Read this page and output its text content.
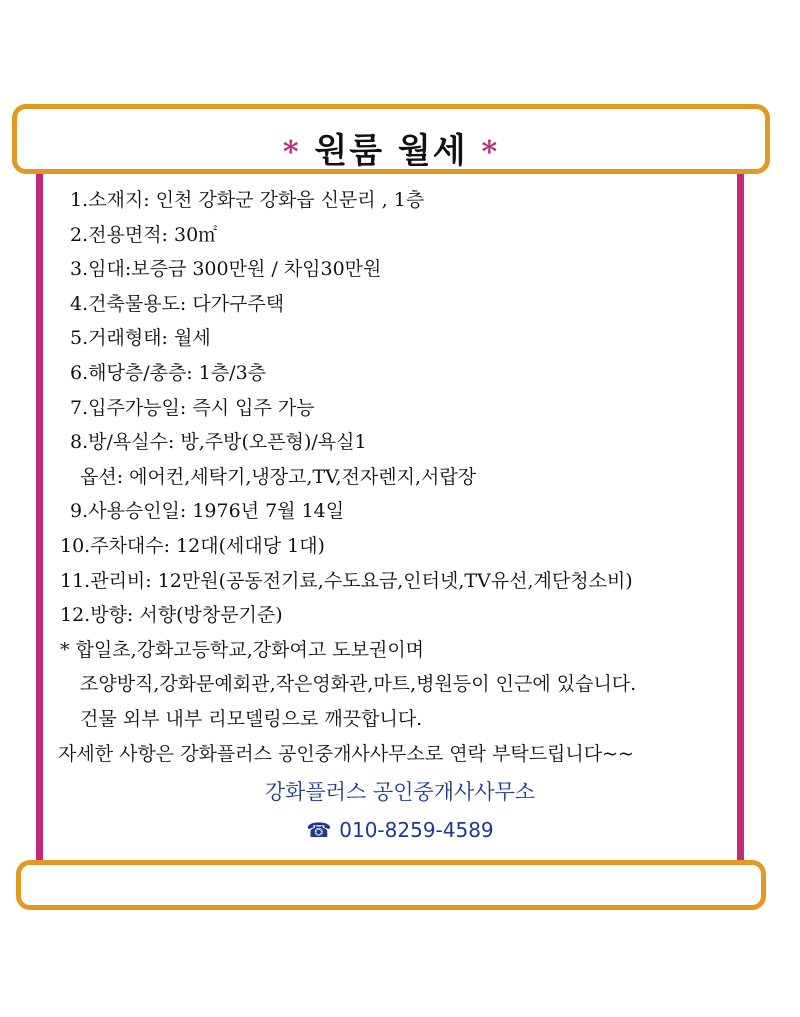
* 원룸 월세 *
1.소재지: 인천 강화군 강화읍 신문리 , 1층
2.전용면적: 30㎡
3.임대:보증금 300만원 / 차임30만원
4.건축물용도: 다가구주택
5.거래형태: 월세
6.해당층/총층: 1층/3층
7.입주가능일: 즉시 입주 가능
8.방/욕실수: 방,주방(오픈형)/욕실1
옵션: 에어컨,세탁기,냉장고,TV,전자렌지,서랍장
9.사용승인일: 1976년 7월 14일
10.주차대수: 12대(세대당 1대)
11.관리비: 12만원(공동전기료,수도요금,인터넷,TV유선,계단청소비)
12.방향: 서향(방창문기준)
* 합일초,강화고등학교,강화여고 도보권이며
조양방직,강화문예회관,작은영화관,마트,병원등이 인근에 있습니다.
건물 외부 내부 리모델링으로 깨끗합니다.
자세한 사항은 강화플러스 공인중개사사무소로 연락 부탁드립니다~~
강화플러스 공인중개사사무소
☎ 010-8259-4589
